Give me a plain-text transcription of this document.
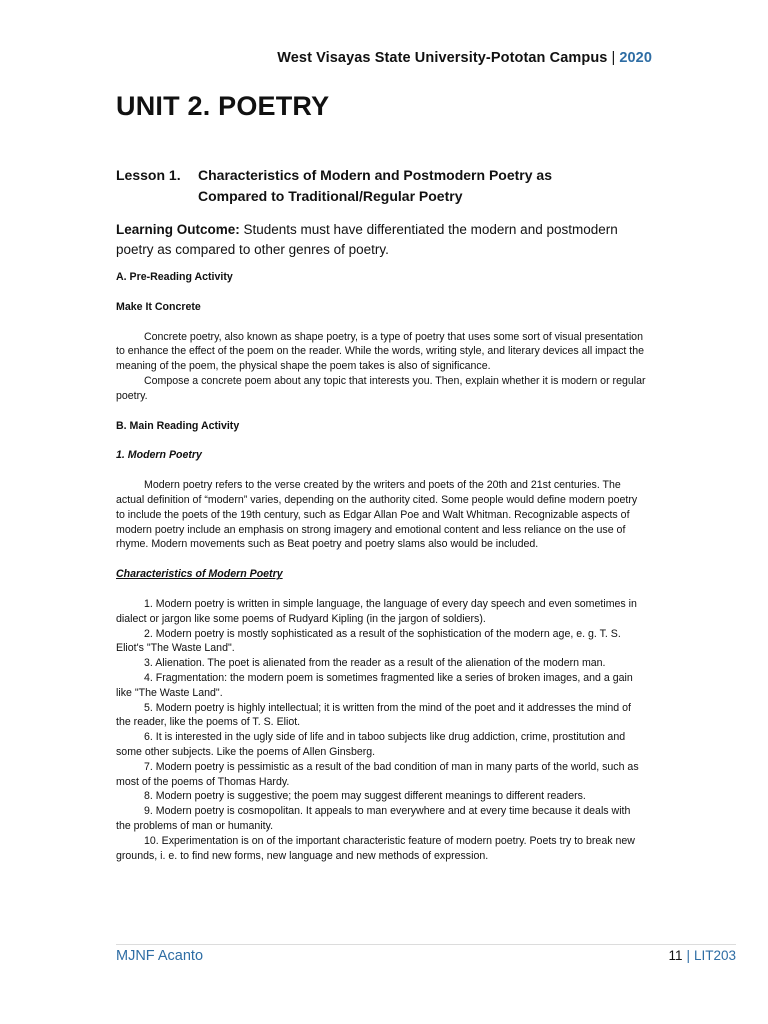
West Visayas State University-Pototan Campus | 2020
UNIT 2. POETRY
Lesson 1. Characteristics of Modern and Postmodern Poetry as
Compared to Traditional/Regular Poetry
Learning Outcome: Students must have differentiated the modern and postmodern poetry as compared to other genres of poetry.

A. Pre-Reading Activity

Make It Concrete

Concrete poetry, also known as shape poetry, is a type of poetry that uses some sort of visual presentation to enhance the effect of the poem on the reader. While the words, writing style, and literary devices all impact the meaning of the poem, the physical shape the poem takes is also of significance.

Compose a concrete poem about any topic that interests you. Then, explain whether it is modern or regular poetry.

B. Main Reading Activity

1. Modern Poetry

Modern poetry refers to the verse created by the writers and poets of the 20th and 21st centuries. The actual definition of “modern” varies, depending on the authority cited. Some people would define modern poetry to include the poets of the 19th century, such as Edgar Allan Poe and Walt Whitman. Recognizable aspects of modern poetry include an emphasis on strong imagery and emotional content and less reliance on the use of rhyme. Modern movements such as Beat poetry and poetry slams also would be included.

Characteristics of Modern Poetry

1. Modern poetry is written in simple language, the language of every day speech and even sometimes in dialect or jargon like some poems of Rudyard Kipling (in the jargon of soldiers).

2. Modern poetry is mostly sophisticated as a result of the sophistication of the modern age, e. g. T. S. Eliot's "The Waste Land".

3. Alienation. The poet is alienated from the reader as a result of the alienation of the modern man.

4. Fragmentation: the modern poem is sometimes fragmented like a series of broken images, and a gain like "The Waste Land".

5. Modern poetry is highly intellectual; it is written from the mind of the poet and it addresses the mind of the reader, like the poems of T. S. Eliot.

6. It is interested in the ugly side of life and in taboo subjects like drug addiction, crime, prostitution and some other subjects. Like the poems of Allen Ginsberg.

7. Modern poetry is pessimistic as a result of the bad condition of man in many parts of the world, such as most of the poems of Thomas Hardy.

8. Modern poetry is suggestive; the poem may suggest different meanings to different readers.

9. Modern poetry is cosmopolitan. It appeals to man everywhere and at every time because it deals with the problems of man or humanity.

10. Experimentation is on of the important characteristic feature of modern poetry. Poets try to break new grounds, i. e. to find new forms, new language and new methods of expression.

MJNF Acanto	11 | LIT203
